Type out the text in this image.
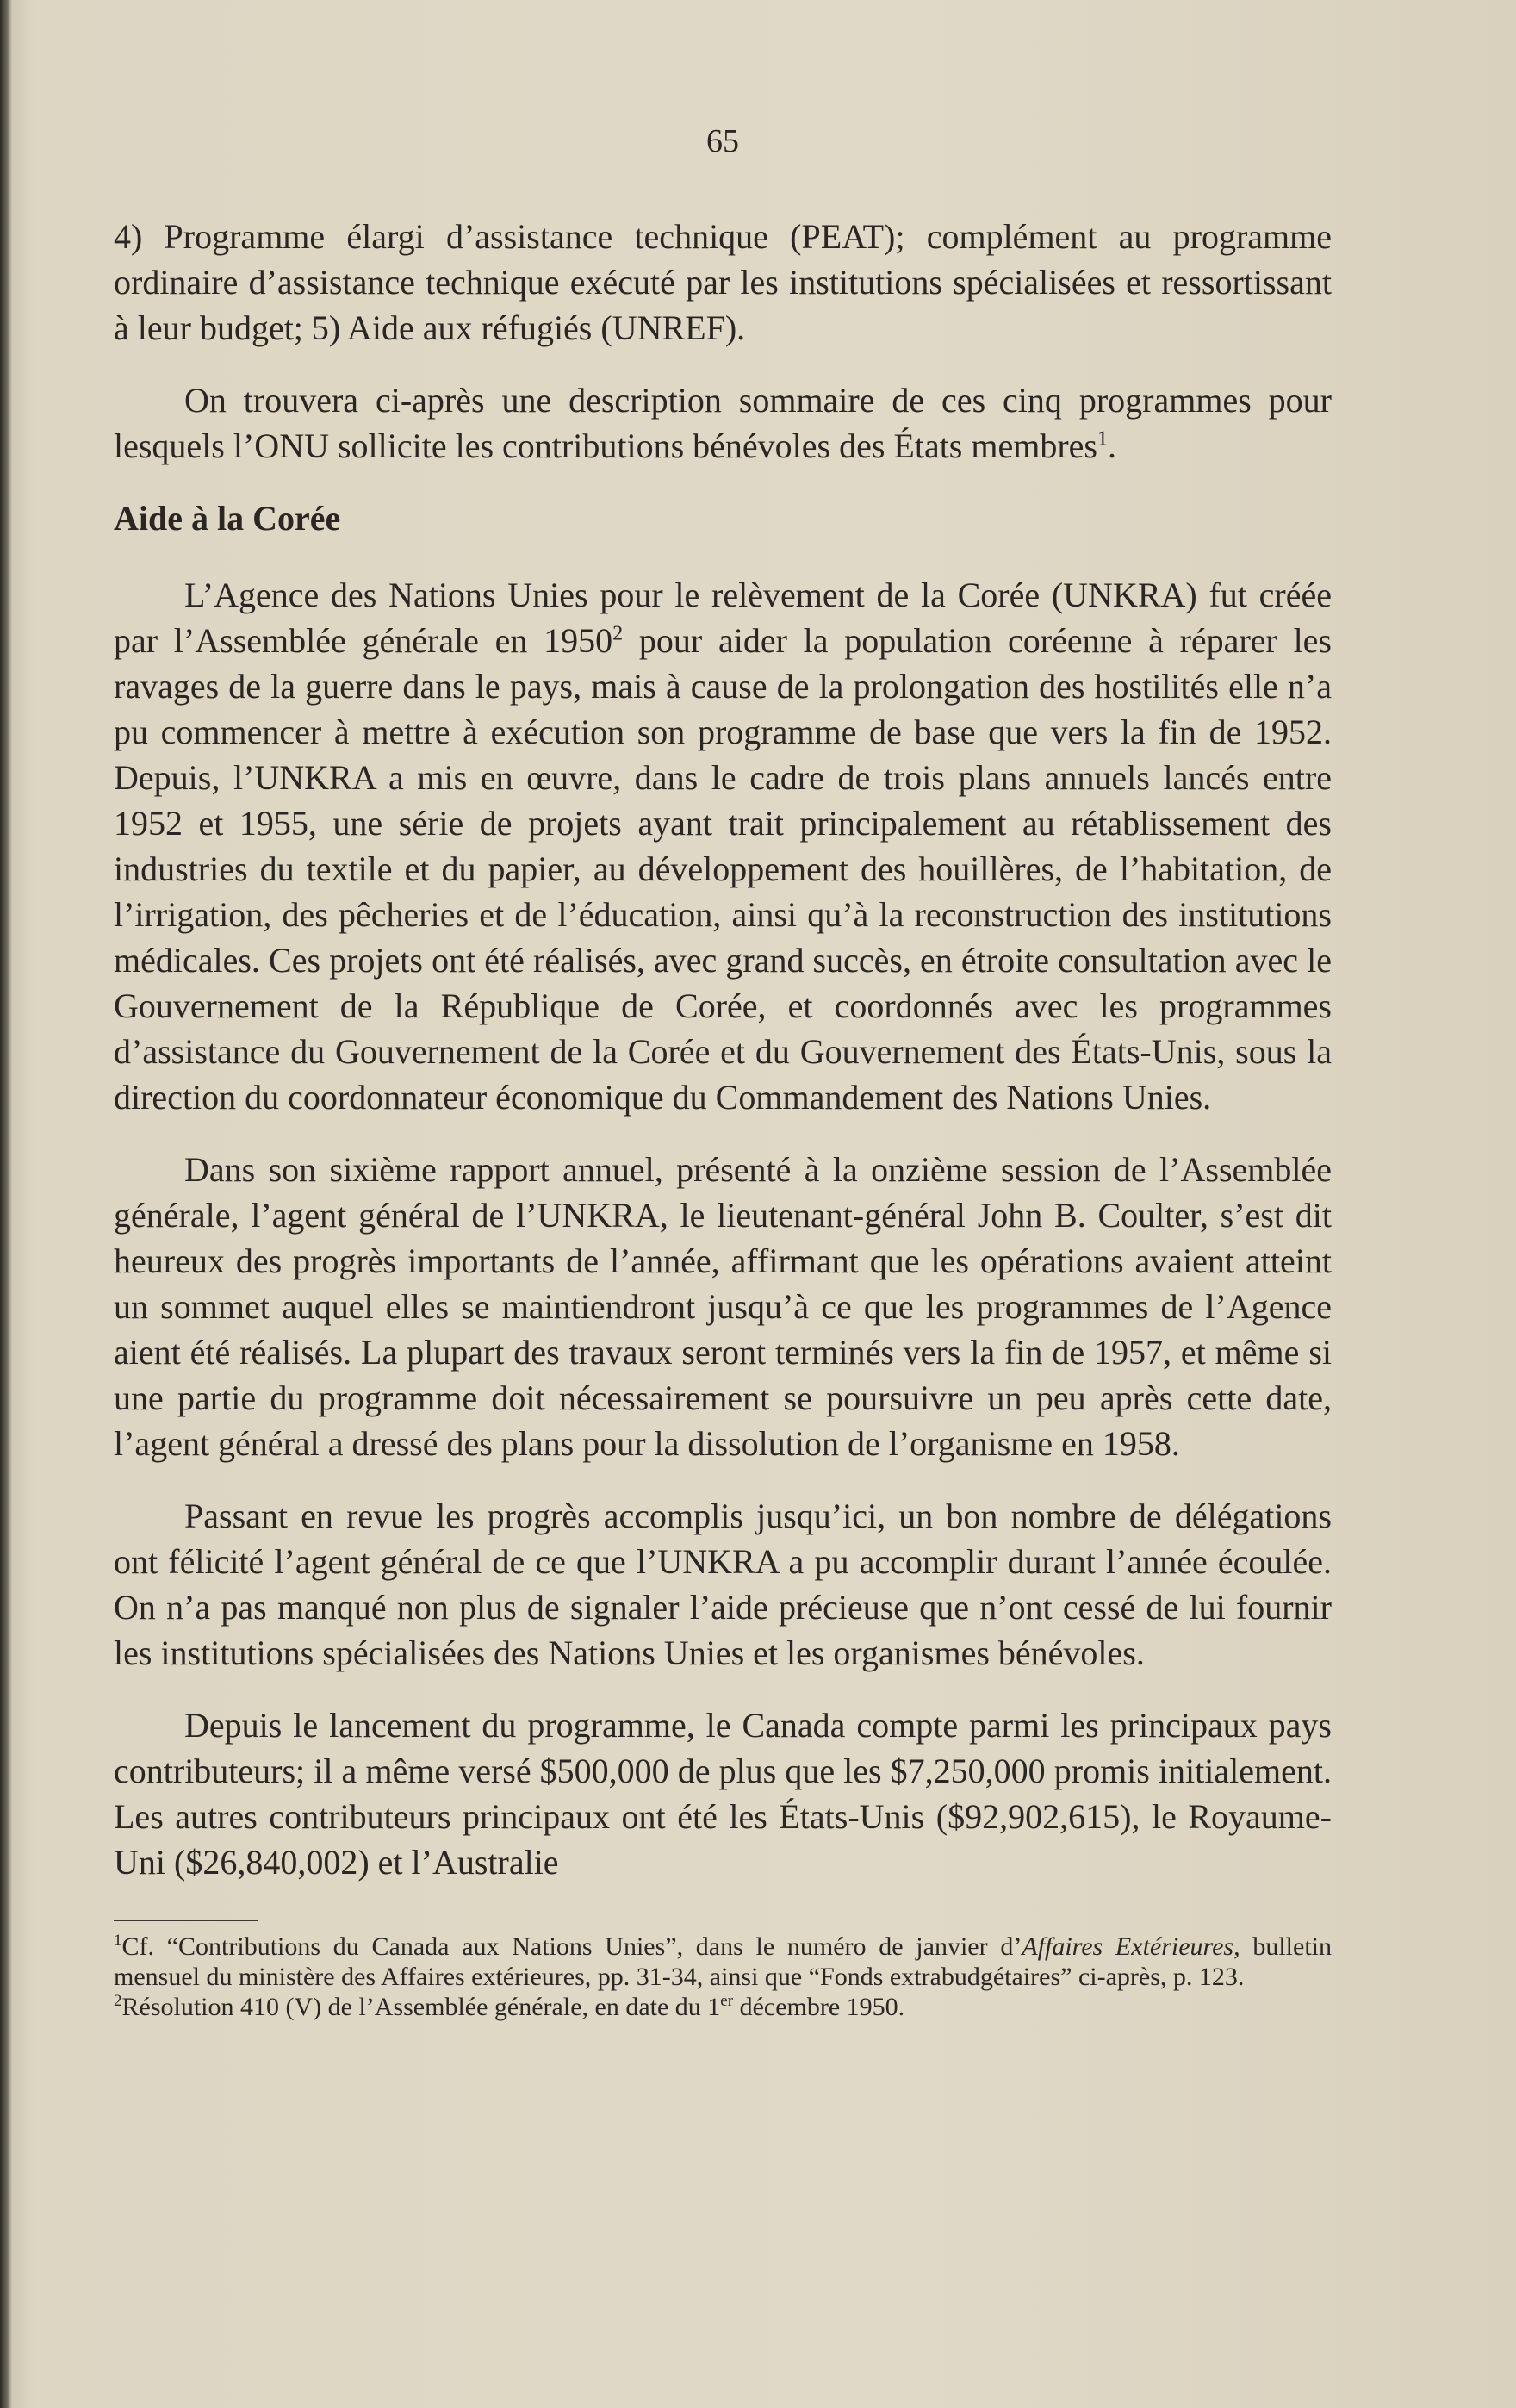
65

4) Programme élargi d’assistance technique (PEAT); complément au programme ordinaire d’assistance technique exécuté par les institutions spécialisées et ressortissant à leur budget; 5) Aide aux réfugiés (UNREF).

On trouvera ci-après une description sommaire de ces cinq programmes pour lesquels l’ONU sollicite les contributions bénévoles des États membres$^1$.

Aide à la Corée

L’Agence des Nations Unies pour le relèvement de la Corée (UNKRA) fut créée par l’Assemblée générale en 1950$^2$ pour aider la population coréenne à réparer les ravages de la guerre dans le pays, mais à cause de la prolongation des hostilités elle n’a pu commencer à mettre à exécution son programme de base que vers la fin de 1952. Depuis, l’UNKRA a mis en œuvre, dans le cadre de trois plans annuels lancés entre 1952 et 1955, une série de projets ayant trait principalement au rétablissement des industries du textile et du papier, au développement des houillères, de l’habitation, de l’irrigation, des pêcheries et de l’éducation, ainsi qu’à la reconstruction des institutions médicales. Ces projets ont été réalisés, avec grand succès, en étroite consultation avec le Gouvernement de la République de Corée, et coordonnés avec les programmes d’assistance du Gouvernement de la Corée et du Gouvernement des États-Unis, sous la direction du coordonnateur économique du Commandement des Nations Unies.

Dans son sixième rapport annuel, présenté à la onzième session de l’Assemblée générale, l’agent général de l’UNKRA, le lieutenant-général John B. Coulter, s’est dit heureux des progrès importants de l’année, affirmant que les opérations avaient atteint un sommet auquel elles se maintiendront jusqu’à ce que les programmes de l’Agence aient été réalisés. La plupart des travaux seront terminés vers la fin de 1957, et même si une partie du programme doit nécessairement se poursuivre un peu après cette date, l’agent général a dressé des plans pour la dissolution de l’organisme en 1958.

Passant en revue les progrès accomplis jusqu’ici, un bon nombre de délégations ont félicité l’agent général de ce que l’UNKRA a pu accomplir durant l’année écoulée. On n’a pas manqué non plus de signaler l’aide précieuse que n’ont cessé de lui fournir les institutions spécialisées des Nations Unies et les organismes bénévoles.

Depuis le lancement du programme, le Canada compte parmi les principaux pays contributeurs; il a même versé $500,000 de plus que les $7,250,000 promis initialement. Les autres contributeurs principaux ont été les États-Unis ($92,902,615), le Royaume-Uni ($26,840,002) et l’Australie

$^1$Cf. “Contributions du Canada aux Nations Unies”, dans le numéro de janvier d’Affaires Extérieures, bulletin mensuel du ministère des Affaires extérieures, pp. 31-34, ainsi que “Fonds extrabudgétaires” ci-après, p. 123.

$^2$Résolution 410 (V) de l’Assemblée générale, en date du 1er décembre 1950.
